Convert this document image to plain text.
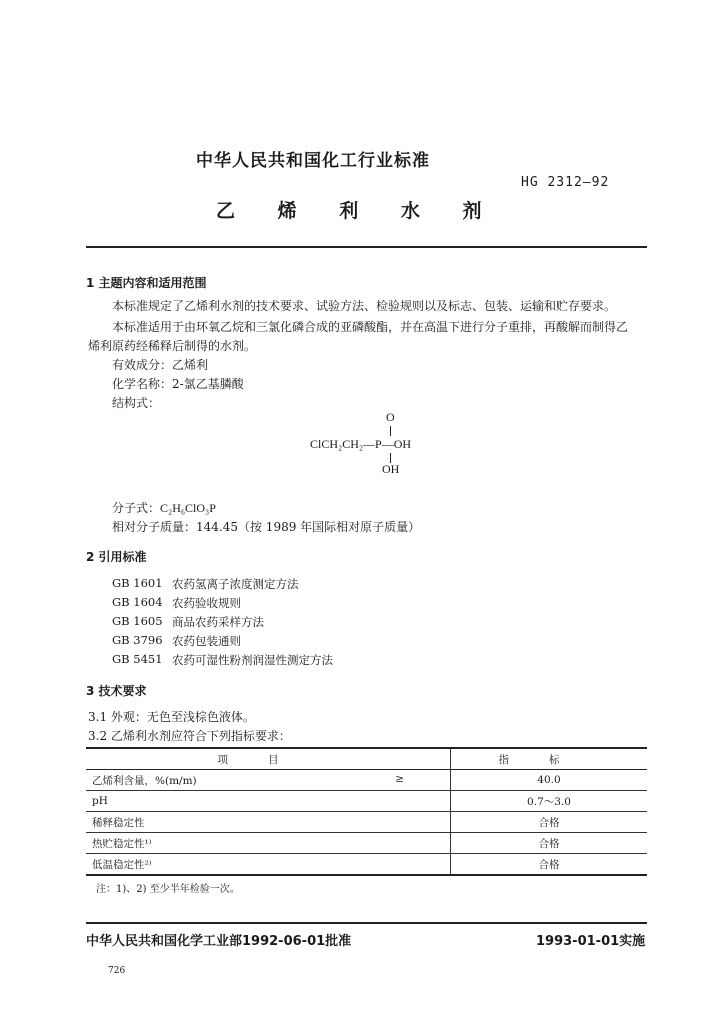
中华人民共和国化工行业标准
HG 2312—92
乙 烯 利 水 剂
1 主题内容和适用范围
本标准规定了乙烯利水剂的技术要求、试验方法、检验规则以及标志、包装、运输和贮存要求。
本标准适用于由环氧乙烷和三氯化磷合成的亚磷酸酯，并在高温下进行分子重排，再酸解而制得乙
烯利原药经稀释后制得的水剂。
有效成分：乙烯利
化学名称：2-氯乙基膦酸
结构式：
O
ClCH₂CH₂—P—OH
OH
分子式：C₂H₆ClO₃P
相对分子质量：144.45（按 1989 年国际相对原子质量）
2 引用标准
GB 1601 农药氢离子浓度测定方法
GB 1604 农药验收规则
GB 1605 商品农药采样方法
GB 3796 农药包装通则
GB 5451 农药可湿性粉剂润湿性测定方法
3 技术要求
3.1 外观：无色至浅棕色液体。
3.2 乙烯利水剂应符合下列指标要求：
项目	指标
乙烯利含量，%(m/m) ≥	40.0
pH	0.7～3.0
稀释稳定性	合格
热贮稳定性¹⁾	合格
低温稳定性²⁾	合格
注：1)、2) 至少半年检验一次。
中华人民共和国化学工业部1992-06-01批准	1993-01-01实施
726
